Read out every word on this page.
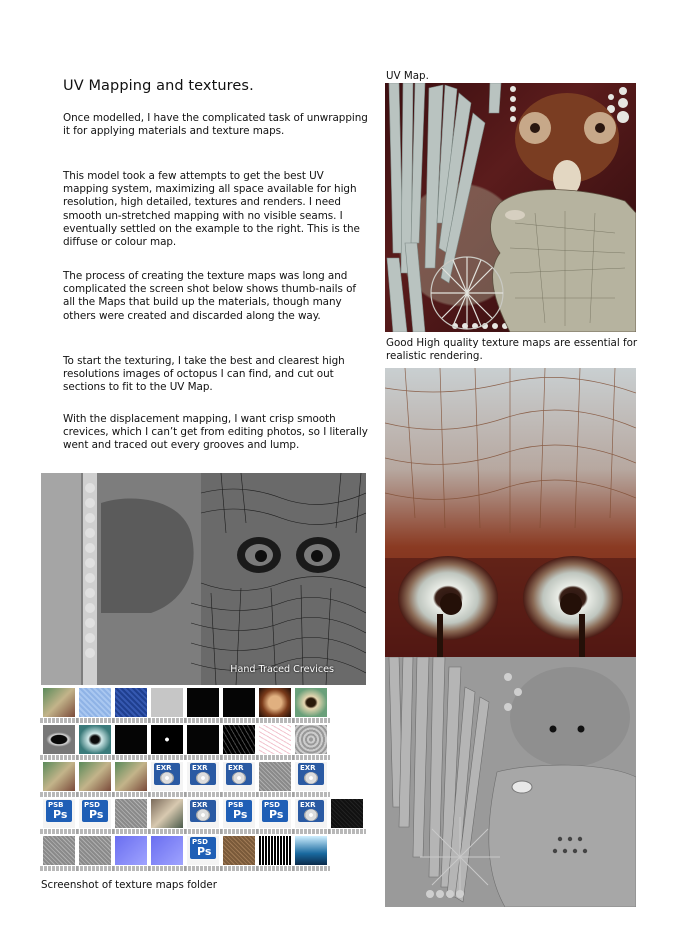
UV Mapping and textures.

Once modelled, I have the complicated task of unwrapping it for applying materials and texture maps.

This model took a few attempts to get the best UV mapping system, maximizing all space available for high resolution, high detailed, textures and renders. I need smooth un-stretched mapping with no visible seams. I eventually settled on the example to the right. This is the diffuse or colour map.

The process of creating the texture maps was long and complicated the screen shot below shows thumb-nails of all the Maps that build up the materials, though many others were created and discarded along the way.

To start the texturing, I take the best and clearest high resolutions images of octopus I can find, and cut out sections to fit to the UV Map.

With the displacement mapping, I want crisp smooth crevices, which I can’t get from editing photos, so I literally went and traced out every grooves and lump.

UV Map.
Good High quality texture maps are essential for realistic rendering.
Hand Traced Crevices
EXR	EXR	EXR	EXR
PSB
Ps
PSD
Ps
EXR	PSB
Ps
PSD
Ps
EXR
PSD
Ps
Screenshot of texture maps folder
